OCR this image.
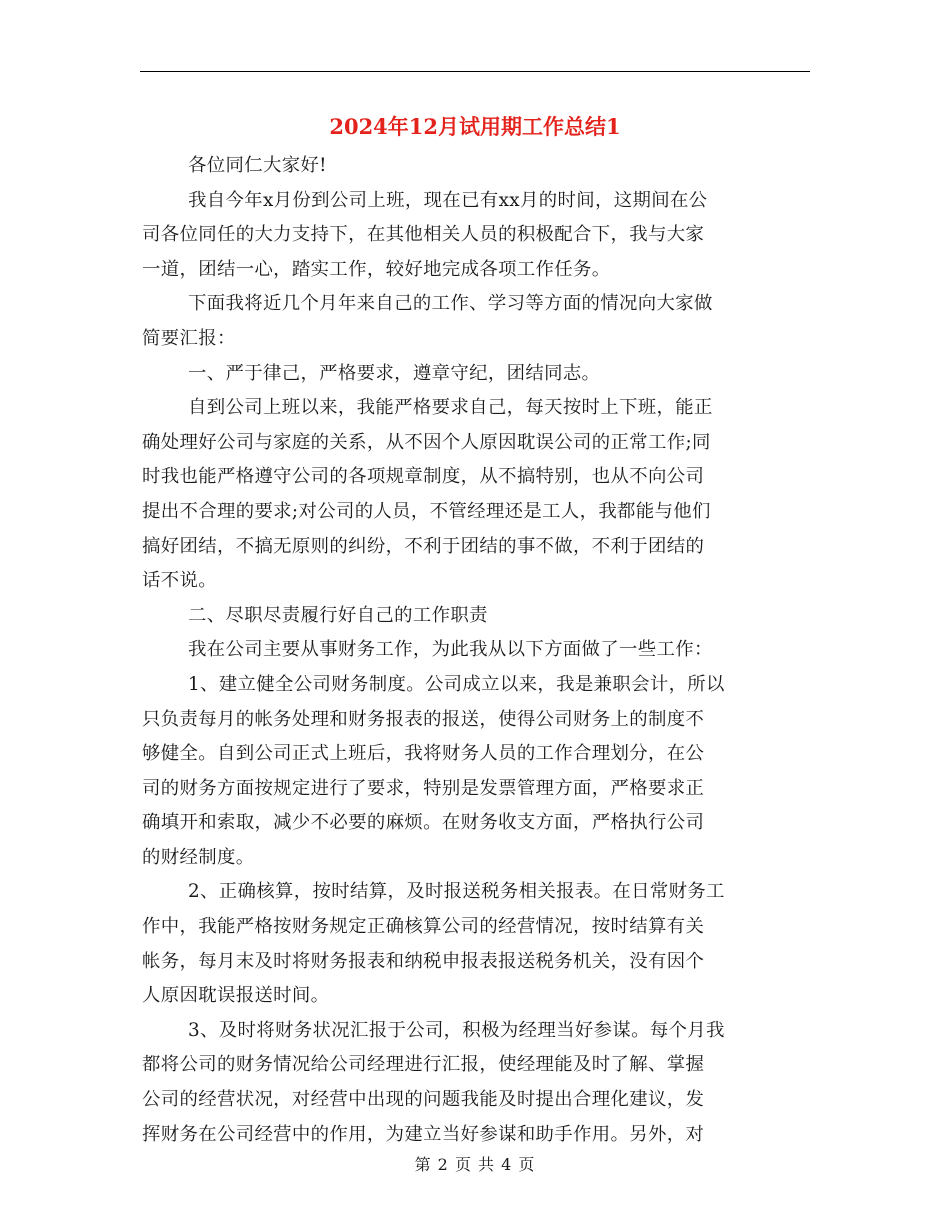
2024年12月试用期工作总结1
各位同仁大家好!
我自今年x月份到公司上班，现在已有xx月的时间，这期间在公
司各位同任的大力支持下，在其他相关人员的积极配合下，我与大家
一道，团结一心，踏实工作，较好地完成各项工作任务。
下面我将近几个月年来自己的工作、学习等方面的情况向大家做
简要汇报：
一、严于律己，严格要求，遵章守纪，团结同志。
自到公司上班以来，我能严格要求自己，每天按时上下班，能正
确处理好公司与家庭的关系，从不因个人原因耽误公司的正常工作;同
时我也能严格遵守公司的各项规章制度，从不搞特别，也从不向公司
提出不合理的要求;对公司的人员，不管经理还是工人，我都能与他们
搞好团结，不搞无原则的纠纷，不利于团结的事不做，不利于团结的
话不说。
二、尽职尽责履行好自己的工作职责
我在公司主要从事财务工作，为此我从以下方面做了一些工作：
1、建立健全公司财务制度。公司成立以来，我是兼职会计，所以
只负责每月的帐务处理和财务报表的报送，使得公司财务上的制度不
够健全。自到公司正式上班后，我将财务人员的工作合理划分，在公
司的财务方面按规定进行了要求，特别是发票管理方面，严格要求正
确填开和索取，减少不必要的麻烦。在财务收支方面，严格执行公司
的财经制度。
2、正确核算，按时结算，及时报送税务相关报表。在日常财务工
作中，我能严格按财务规定正确核算公司的经营情况，按时结算有关
帐务，每月末及时将财务报表和纳税申报表报送税务机关，没有因个
人原因耽误报送时间。
3、及时将财务状况汇报于公司，积极为经理当好参谋。每个月我
都将公司的财务情况给公司经理进行汇报，使经理能及时了解、掌握
公司的经营状况，对经营中出现的问题我能及时提出合理化建议，发
挥财务在公司经营中的作用，为建立当好参谋和助手作用。另外，对
第 2 页 共 4 页
